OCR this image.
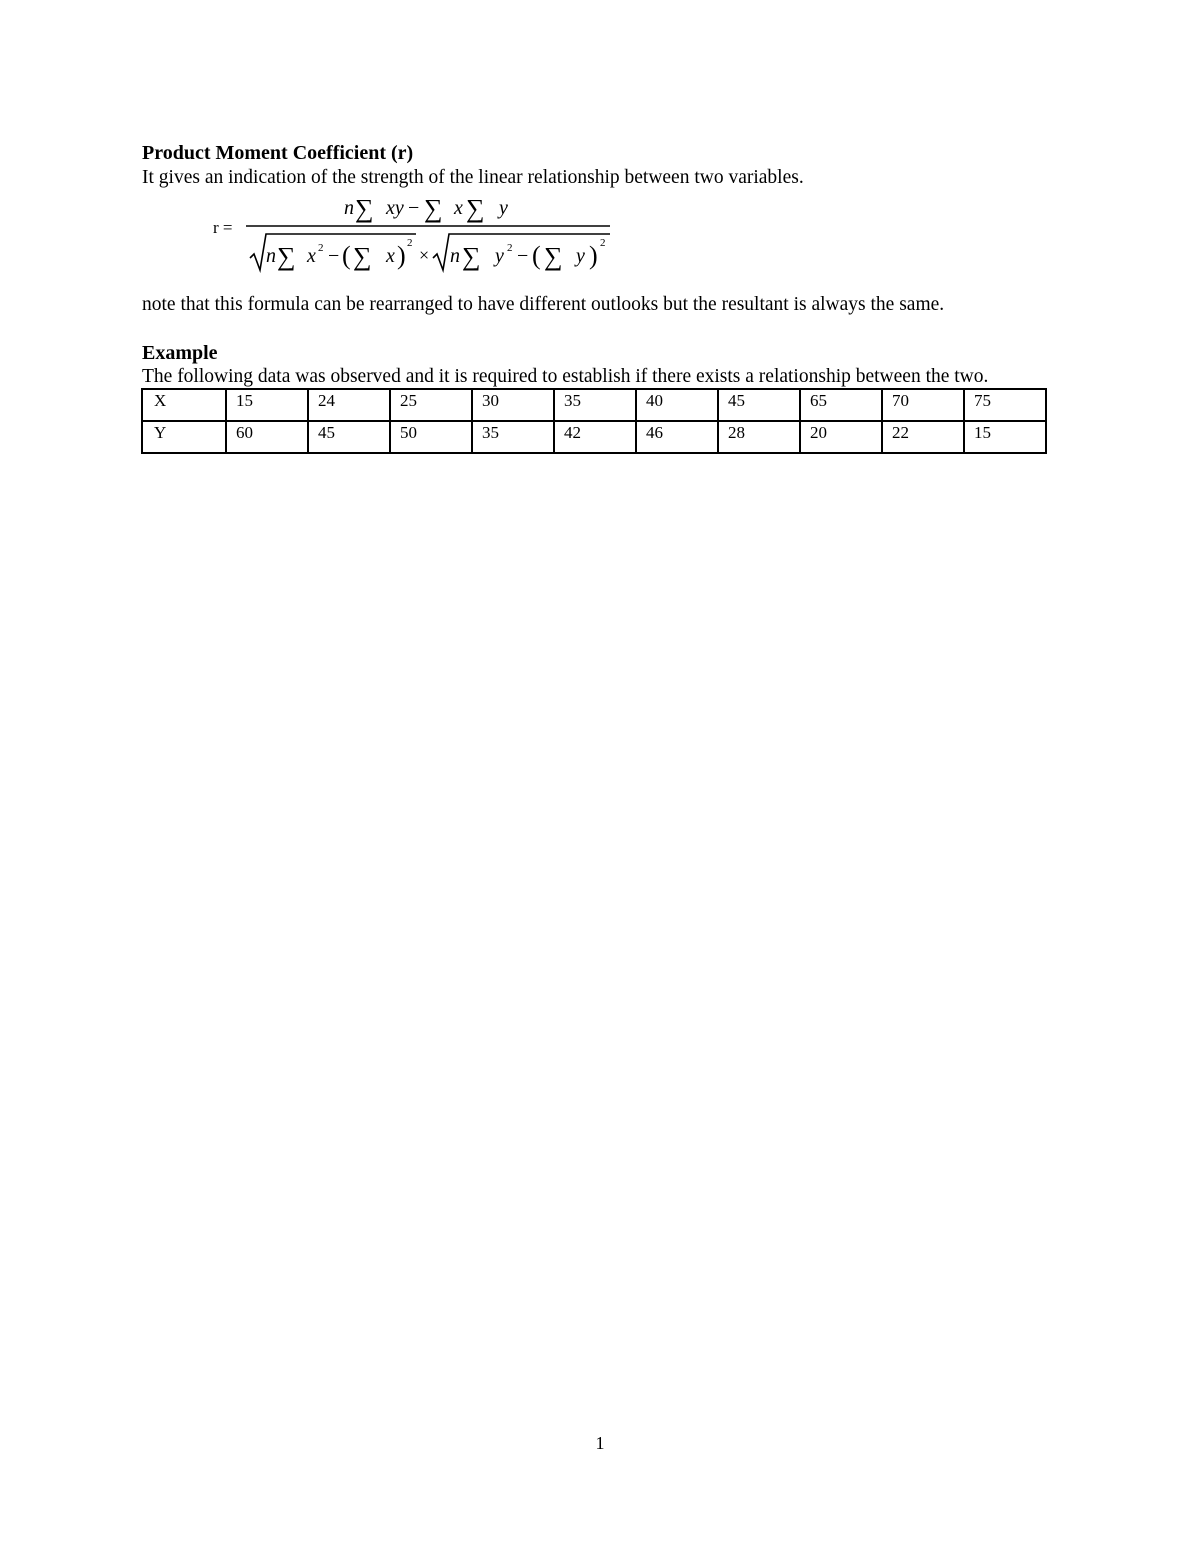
Product Moment Coefficient (r)
It gives an indication of the strength of the linear relationship between two variables.
r =
n ∑ xy − ∑ x ∑ y
n ∑ x 2 − ( ∑ x ) 2
× n ∑ y 2 − ( ∑ y ) 2
note that this formula can be rearranged to have different outlooks but the resultant is always the same.
Example
The following data was observed and it is required to establish if there exists a relationship between the two.
X	15	24	25	30	35	40	45	65	70	75
Y	60	45	50	35	42	46	28	20	22	15
1
